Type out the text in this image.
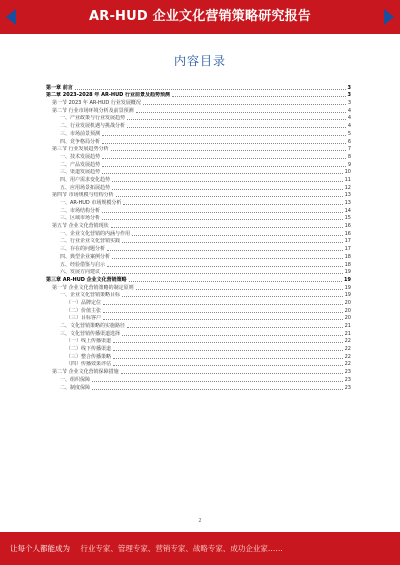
AR-HUD 企业文化营销策略研究报告
内容目录
第一章 前言	3
第二章 2023-2028 年 AR-HUD 行业前景及趋势预测	3
第一节 2023 年 AR-HUD 行业发展概况	3
第二节 行业市场环境分析及前景预测	4
一、产业政策与行业发展趋势	4
二、行业发展机遇与挑战分析	4
三、市场前景预测	5
四、竞争格局分析	6
第三节 行业发展趋势分析	7
一、技术发展趋势	8
二、产品发展趋势	9
三、渠道发展趋势	10
四、用户需求变化趋势	11
五、应用场景拓展趋势	12
第四节 市场规模与结构分析	13
一、AR-HUD 市场规模分析	13
二、市场结构分析	14
三、区域市场分析	15
第五节 企业文化营销现状	16
一、企业文化营销的内涵与作用	16
二、行业企业文化营销实践	17
三、存在的问题分析	17
四、典型企业案例分析	18
五、经验借鉴与启示	18
六、发展方向建议	19
第三章 AR-HUD 企业文化营销策略	19
第一节 企业文化营销策略的制定原则	19
一、企业文化营销策略目标	19
（一）品牌定位	20
（二）价值主张	20
（三）目标客户	20
二、文化营销策略的实施路径	21
三、文化营销传播渠道选择	21
（一）线上传播渠道	22
（二）线下传播渠道	22
（三）整合传播策略	22
（四）传播效果评估	22
第二节 企业文化营销保障措施	23
一、组织保障	23
二、制度保障	23
2
让每个人都能成为 行业专家、管理专家、营销专家、战略专家、成功企业家……
